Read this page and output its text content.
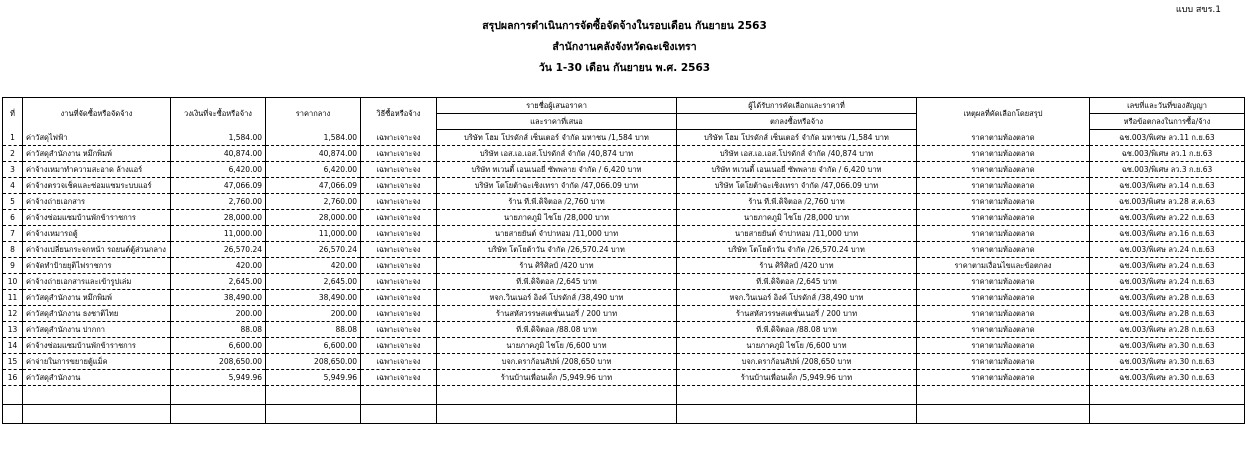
แบบ สขร.1
สรุปผลการดำเนินการจัดซื้อจัดจ้างในรอบเดือน กันยายน 2563
สำนักงานคลังจังหวัดฉะเชิงเทรา
วัน 1-30 เดือน กันยายน พ.ศ. 2563
ที่	งานที่จัดซื้อหรือจัดจ้าง	วงเงินที่จะซื้อหรือจ้าง	ราคากลาง	วิธีซื้อหรือจ้าง	รายชื่อผู้เสนอราคา	ผู้ได้รับการคัดเลือกและราคาที่	เหตุผลที่คัดเลือกโดยสรุป	เลขที่และวันที่ของสัญญา
					และราคาที่เสนอ	ตกลงซื้อหรือจ้าง		หรือข้อตกลงในการซื้อ/จ้าง
1	ค่าวัสดุไฟฟ้า	1,584.00	1,584.00	เฉพาะเจาะจง	บริษัท โฮม โปรดักส์ เซ็นเตอร์ จำกัด มหาชน /1,584 บาท	บริษัท โฮม โปรดักส์ เซ็นเตอร์ จำกัด มหาชน /1,584 บาท	ราคาตามท้องตลาด	ฉช.003/พิเศษ ลว.11 ก.ย.63
2	ค่าวัสดุสำนักงาน หมึกพิมพ์	40,874.00	40,874.00	เฉพาะเจาะจง	บริษัท เอส.เอ.เอส.โปรดักส์ จำกัด /40,874 บาท	บริษัท เอส.เอ.เอส.โปรดักส์ จำกัด /40,874 บาท	ราคาตามท้องตลาด	ฉช.003/พิเศษ ลว.1 ก.ย.63
3	ค่าจ้างเหมาทำความสะอาด ล้างแอร์	6,420.00	6,420.00	เฉพาะเจาะจง	บริษัท ทเวนตี้ เอนเนอยี่ ซัพพลาย จำกัด / 6,420 บาท	บริษัท ทเวนตี้ เอนเนอยี่ ซัพพลาย จำกัด / 6,420 บาท	ราคาตามท้องตลาด	ฉช.003/พิเศษ ลว.3 ก.ย.63
4	ค่าจ้างตรวจเช็คและซ่อมแซมระบบแอร์	47,066.09	47,066.09	เฉพาะเจาะจง	บริษัท โตโยต้าฉะเชิงเทรา จำกัด /47,066.09 บาท	บริษัท โตโยต้าฉะเชิงเทรา จำกัด /47,066.09 บาท	ราคาตามท้องตลาด	ฉช.003/พิเศษ ลว.14 ก.ย.63
5	ค่าจ้างถ่ายเอกสาร	2,760.00	2,760.00	เฉพาะเจาะจง	ร้าน ที.พี.ดิจิตอล /2,760 บาท	ร้าน ที.พี.ดิจิตอล /2,760 บาท	ราคาตามท้องตลาด	ฉช.003/พิเศษ ลว.28 ส.ค.63
6	ค่าจ้างซ่อมแซมบ้านพักข้าราชการ	28,000.00	28,000.00	เฉพาะเจาะจง	นายภาคภูมิ ไชโย /28,000 บาท	นายภาคภูมิ ไชโย /28,000 บาท	ราคาตามท้องตลาด	ฉช.003/พิเศษ ลว.22 ก.ย.63
7	ค่าจ้างเหมารถตู้	11,000.00	11,000.00	เฉพาะเจาะจง	นายสายยันต์ จำปาหอม /11,000 บาท	นายสายยันต์ จำปาหอม /11,000 บาท	ราคาตามท้องตลาด	ฉช.003/พิเศษ ลว.16 ก.ย.63
8	ค่าจ้างเปลี่ยนกระจกหน้า รถยนต์ตู้ส่วนกลาง	26,570.24	26,570.24	เฉพาะเจาะจง	บริษัท โตโยต้าวัน จำกัด /26,570.24 บาท	บริษัท โตโยต้าวัน จำกัด /26,570.24 บาท	ราคาตามท้องตลาด	ฉช.003/พิเศษ ลว.24 ก.ย.63
9	ค่าจัดทำป้ายยุติไฟราชการ	420.00	420.00	เฉพาะเจาะจง	ร้าน ศิริศิลป์ /420 บาท	ร้าน ศิริศิลป์ /420 บาท	ราคาตามเงื่อนไขและข้อตกลง	ฉช.003/พิเศษ ลว.24 ก.ย.63
10	ค่าจ้างถ่ายเอกสารและเข้ารูปเล่ม	2,645.00	2,645.00	เฉพาะเจาะจง	ที.พี.ดิจิตอล /2,645 บาท	ที.พี.ดิจิตอล /2,645 บาท	ราคาตามท้องตลาด	ฉช.003/พิเศษ ลว.24 ก.ย.63
11	ค่าวัสดุสำนักงาน หมึกพิมพ์	38,490.00	38,490.00	เฉพาะเจาะจง	หจก.วินเนอร์ อิงค์ โปรดักส์ /38,490 บาท	หจก.วินเนอร์ อิงค์ โปรดักส์ /38,490 บาท	ราคาตามท้องตลาด	ฉช.003/พิเศษ ลว.28 ก.ย.63
12	ค่าวัสดุสำนักงาน ธงชาติไทย	200.00	200.00	เฉพาะเจาะจง	ร้านสหัสวรรษสเตชั่นเนอรี่ / 200 บาท	ร้านสหัสวรรษสเตชั่นเนอรี่ / 200 บาท	ราคาตามท้องตลาด	ฉช.003/พิเศษ ลว.28 ก.ย.63
13	ค่าวัสดุสำนักงาน ปากกา	88.08	88.08	เฉพาะเจาะจง	ที.พี.ดิจิตอล /88.08 บาท	ที.พี.ดิจิตอล /88.08 บาท	ราคาตามท้องตลาด	ฉช.003/พิเศษ ลว.28 ก.ย.63
14	ค่าจ้างซ่อมแซมบ้านพักข้าราชการ	6,600.00	6,600.00	เฉพาะเจาะจง	นายภาคภูมิ ไชโย /6,600 บาท	นายภาคภูมิ ไชโย /6,600 บาท	ราคาตามท้องตลาด	ฉช.003/พิเศษ ลว.30 ก.ย.63
15	ค่าจ่ายในการขยายตู้แม็ค	208,650.00	208,650.00	เฉพาะเจาะจง	บจก.ดราก้อนสัปพ์ /208,650 บาท	บจก.ดราก้อนสัปพ์ /208,650 บาท	ราคาตามท้องตลาด	ฉช.003/พิเศษ ลว.30 ก.ย.63
16	ค่าวัสดุสำนักงาน	5,949.96	5,949.96	เฉพาะเจาะจง	ร้านบ้านเพื่อนเด็ก /5,949.96 บาท	ร้านบ้านเพื่อนเด็ก /5,949.96 บาท	ราคาตามท้องตลาด	ฉช.003/พิเศษ ลว.30 ก.ย.63
